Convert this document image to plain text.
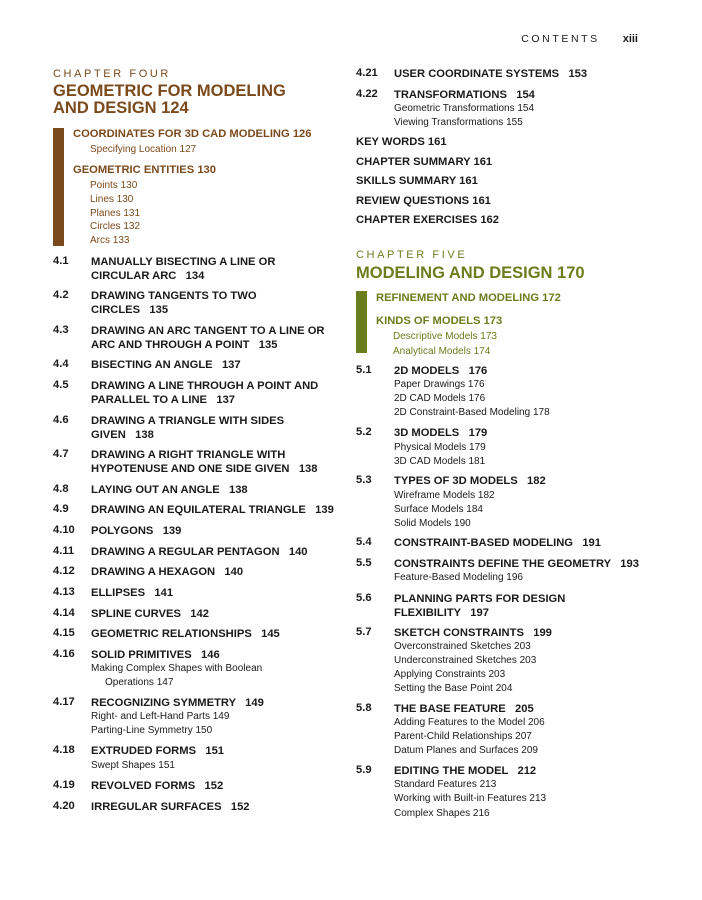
CONTENTS xiii
CHAPTER FOUR
GEOMETRIC FOR MODELING
AND DESIGN 124
COORDINATES FOR 3D CAD MODELING 126
Specifying Location 127
GEOMETRIC ENTITIES 130
Points 130
Lines 130
Planes 131
Circles 132
Arcs 133
4.1 MANUALLY BISECTING A LINE OR
CIRCULAR ARC   134
4.2 DRAWING TANGENTS TO TWO
CIRCLES   135
4.3 DRAWING AN ARC TANGENT TO A LINE OR
ARC AND THROUGH A POINT   135
4.4 BISECTING AN ANGLE   137
4.5 DRAWING A LINE THROUGH A POINT AND
PARALLEL TO A LINE   137
4.6 DRAWING A TRIANGLE WITH SIDES
GIVEN   138
4.7 DRAWING A RIGHT TRIANGLE WITH
HYPOTENUSE AND ONE SIDE GIVEN   138
4.8 LAYING OUT AN ANGLE   138
4.9 DRAWING AN EQUILATERAL TRIANGLE   139
4.10 POLYGONS   139
4.11 DRAWING A REGULAR PENTAGON   140
4.12 DRAWING A HEXAGON   140
4.13 ELLIPSES   141
4.14 SPLINE CURVES   142
4.15 GEOMETRIC RELATIONSHIPS   145
4.16 SOLID PRIMITIVES   146
Making Complex Shapes with Boolean
Operations 147
4.17 RECOGNIZING SYMMETRY   149
Right- and Left-Hand Parts 149
Parting-Line Symmetry 150
4.18 EXTRUDED FORMS   151
Swept Shapes 151
4.19 REVOLVED FORMS   152
4.20 IRREGULAR SURFACES   152
4.21 USER COORDINATE SYSTEMS   153
4.22 TRANSFORMATIONS   154
Geometric Transformations 154
Viewing Transformations 155
KEY WORDS 161
CHAPTER SUMMARY 161
SKILLS SUMMARY 161
REVIEW QUESTIONS 161
CHAPTER EXERCISES 162
CHAPTER FIVE
MODELING AND DESIGN 170
REFINEMENT AND MODELING 172
KINDS OF MODELS 173
Descriptive Models 173
Analytical Models 174
5.1 2D MODELS   176
Paper Drawings 176
2D CAD Models 176
2D Constraint-Based Modeling 178
5.2 3D MODELS   179
Physical Models 179
3D CAD Models 181
5.3 TYPES OF 3D MODELS   182
Wireframe Models 182
Surface Models 184
Solid Models 190
5.4 CONSTRAINT-BASED MODELING   191
5.5 CONSTRAINTS DEFINE THE GEOMETRY   193
Feature-Based Modeling 196
5.6 PLANNING PARTS FOR DESIGN
FLEXIBILITY   197
5.7 SKETCH CONSTRAINTS   199
Overconstrained Sketches 203
Underconstrained Sketches 203
Applying Constraints 203
Setting the Base Point 204
5.8 THE BASE FEATURE   205
Adding Features to the Model 206
Parent-Child Relationships 207
Datum Planes and Surfaces 209
5.9 EDITING THE MODEL   212
Standard Features 213
Working with Built-in Features 213
Complex Shapes 216
